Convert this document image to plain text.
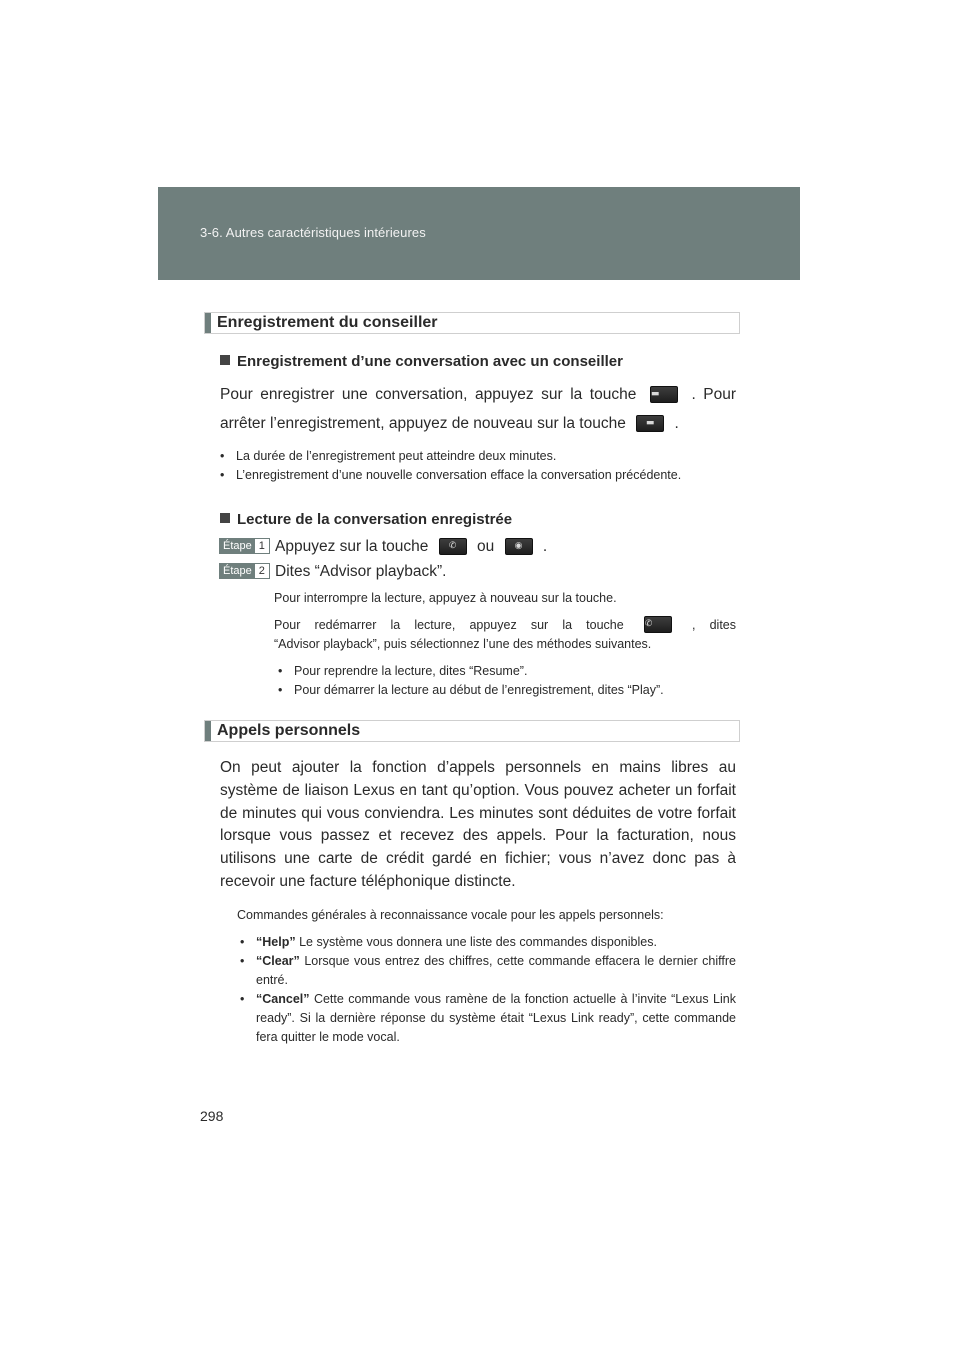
3-6. Autres caractéristiques intérieures
Enregistrement du conseiller
Enregistrement d’une conversation avec un conseiller
Pour enregistrer une conversation, appuyez sur la touche ▬	. Pour
arrêter l’enregistrement, appuyez de nouveau sur la touche	▬	.
• La durée de l’enregistrement peut atteindre deux minutes.
• L’enregistrement d’une nouvelle conversation efface la conversation précédente.
Lecture de la conversation enregistrée
Étape 1 Appuyez sur la touche	✆	ou	◉	.
Étape 2 Dites “Advisor playback”.
Pour interrompre la lecture, appuyez à nouveau sur la touche.
Pour redémarrer la lecture, appuyez sur la touche ✆	, dites
“Advisor playback”, puis sélectionnez l’une des méthodes suivantes.
• Pour reprendre la lecture, dites “Resume”.
• Pour démarrer la lecture au début de l’enregistrement, dites “Play”.
Appels personnels
On peut ajouter la fonction d’appels personnels en mains libres au système de liaison Lexus en tant qu’option. Vous pouvez acheter un forfait de minutes qui vous conviendra. Les minutes sont déduites de votre forfait lorsque vous passez et recevez des appels. Pour la facturation, nous utilisons une carte de crédit gardé en fichier; vous n’avez donc pas à recevoir une facture téléphonique distincte.
Commandes générales à reconnaissance vocale pour les appels personnels:
• “Help” Le système vous donnera une liste des commandes disponibles.
• “Clear” Lorsque vous entrez des chiffres, cette commande effacera le dernier chiffre entré.
• “Cancel” Cette commande vous ramène de la fonction actuelle à l’invite “Lexus Link ready”. Si la dernière réponse du système était “Lexus Link ready”, cette commande fera quitter le mode vocal.
298
